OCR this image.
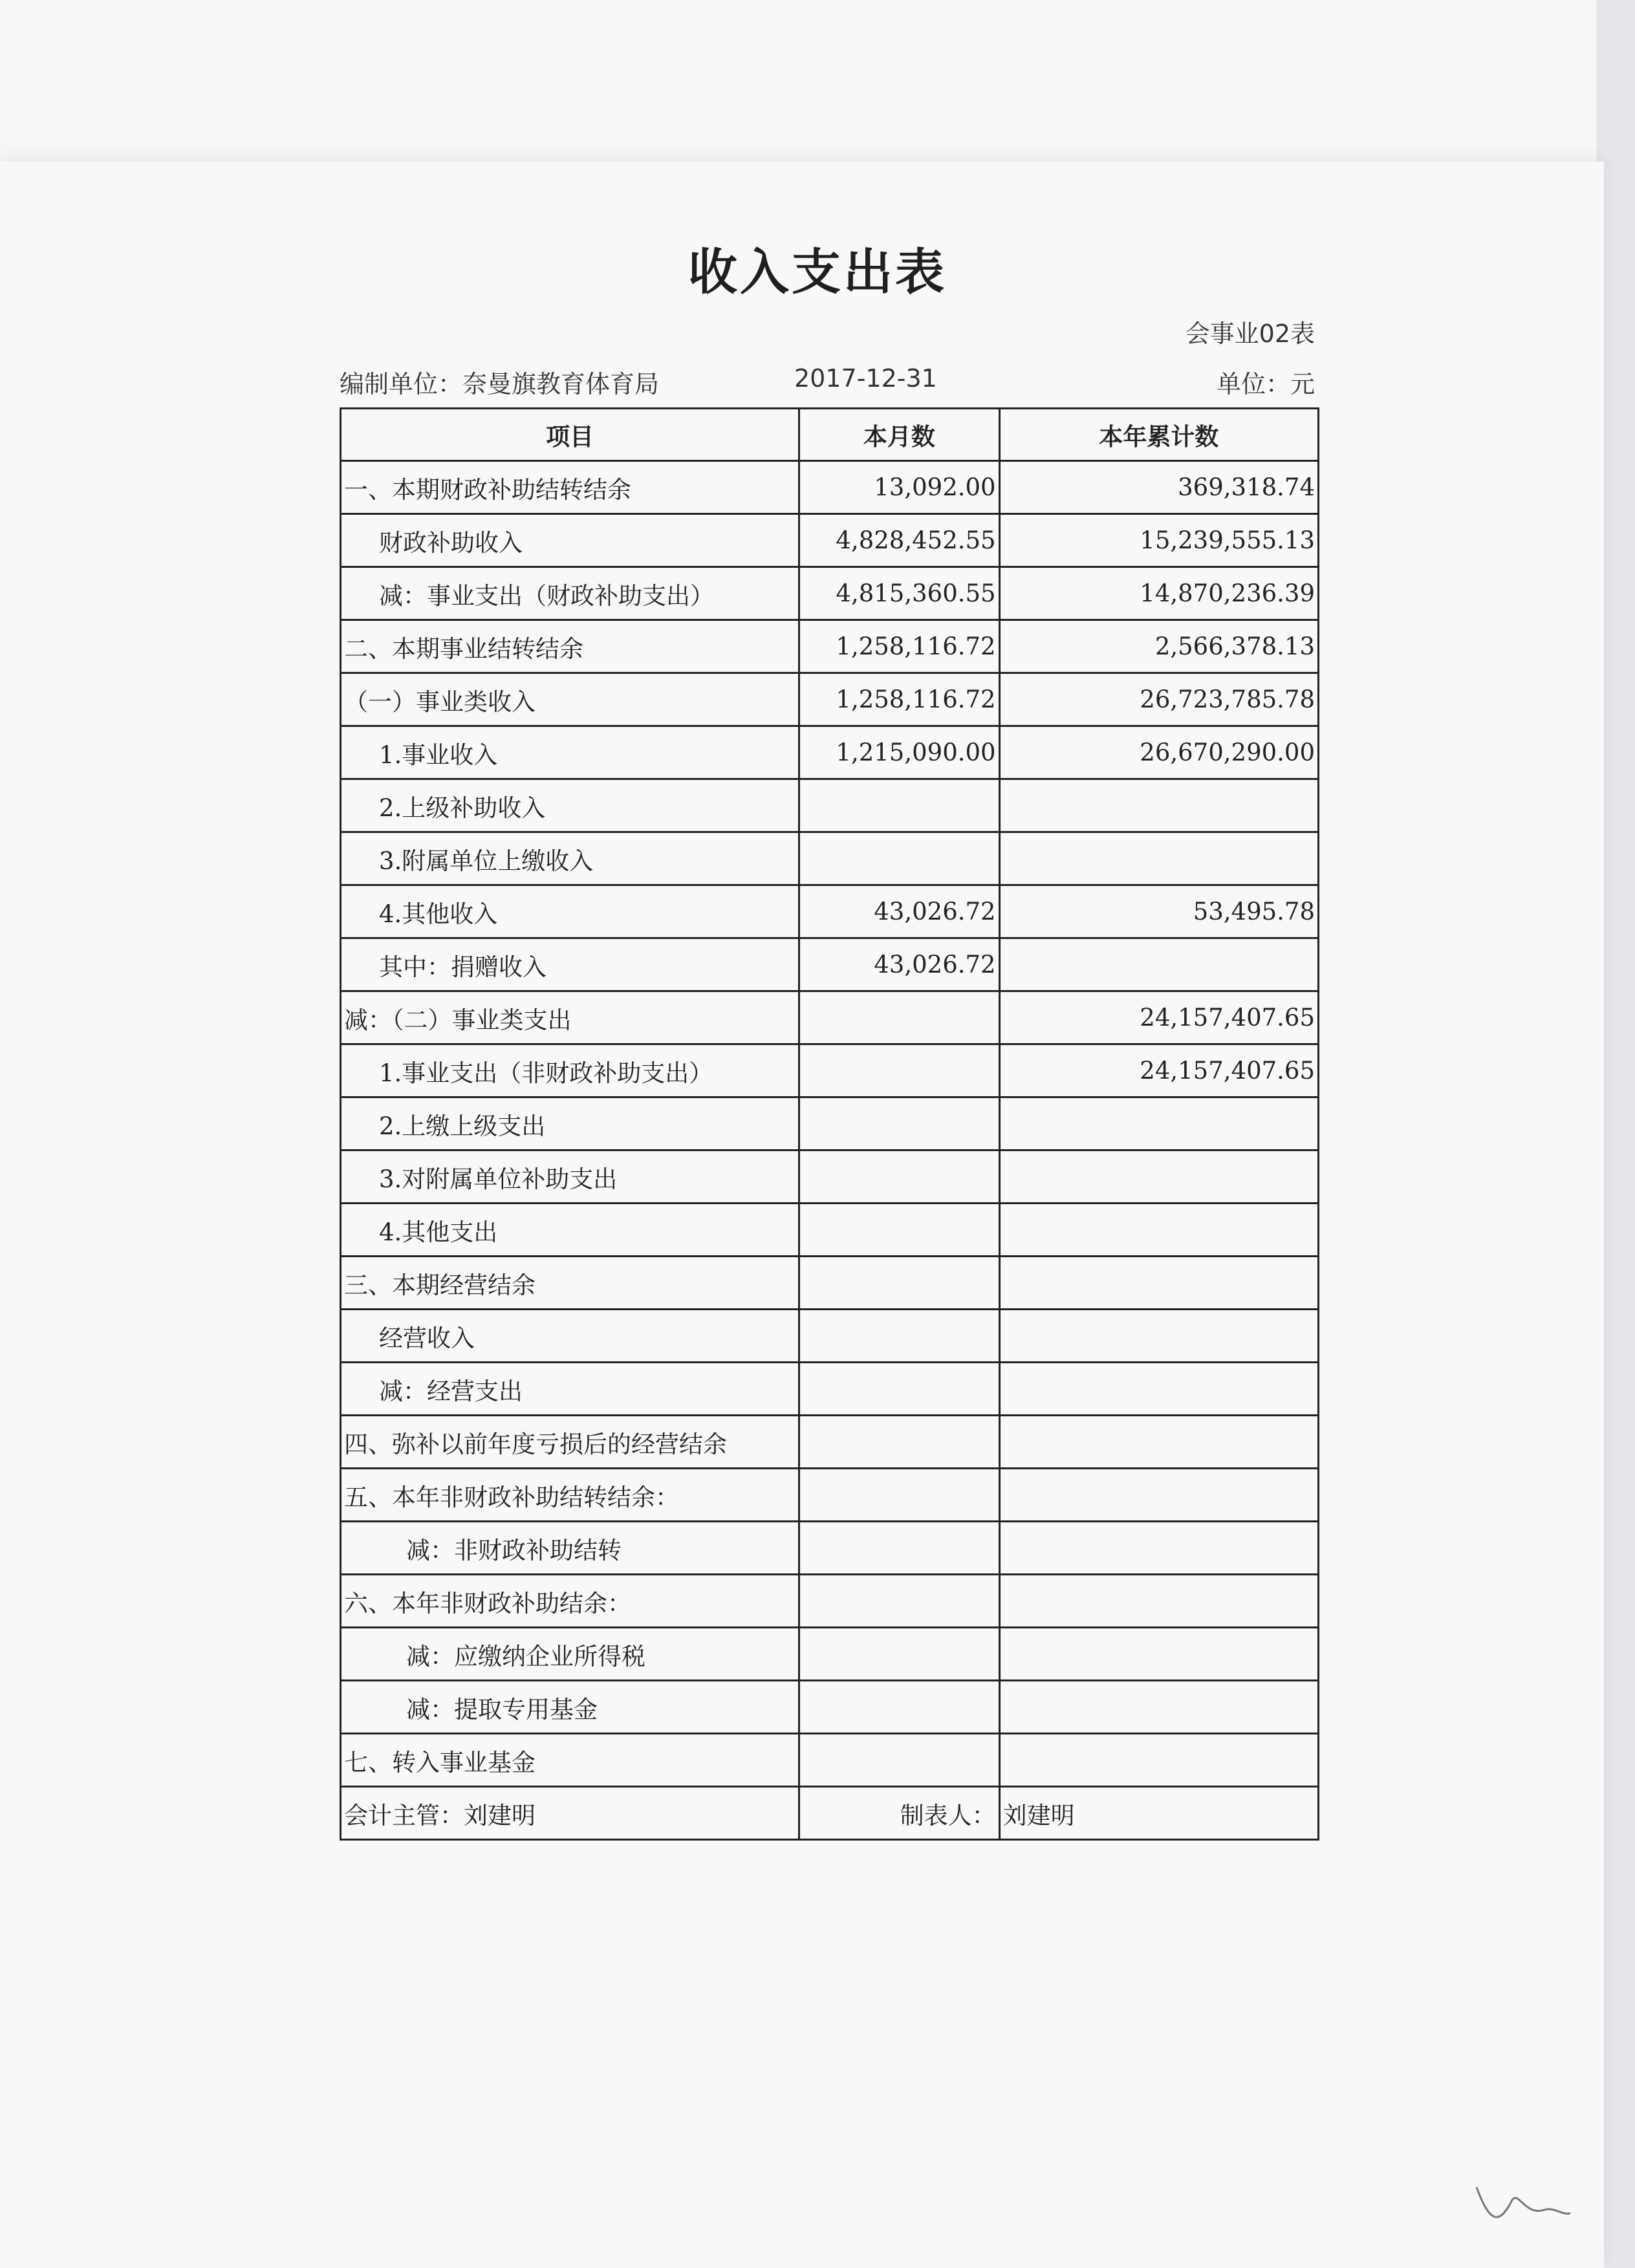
收入支出表
会事业02表
编制单位：奈曼旗教育体育局	2017-12-31	单位：元
项目	本月数	本年累计数
一、本期财政补助结转结余	13,092.00	369,318.74
财政补助收入	4,828,452.55	15,239,555.13
减：事业支出（财政补助支出）	4,815,360.55	14,870,236.39
二、本期事业结转结余	1,258,116.72	2,566,378.13
（一）事业类收入	1,258,116.72	26,723,785.78
1.事业收入	1,215,090.00	26,670,290.00
2.上级补助收入		
3.附属单位上缴收入		
4.其他收入	43,026.72	53,495.78
其中：捐赠收入	43,026.72	
减：（二）事业类支出		24,157,407.65
1.事业支出（非财政补助支出）		24,157,407.65
2.上缴上级支出		
3.对附属单位补助支出		
4.其他支出		
三、本期经营结余		
经营收入		
减：经营支出		
四、弥补以前年度亏损后的经营结余		
五、本年非财政补助结转结余：		
减：非财政补助结转		
六、本年非财政补助结余：		
减：应缴纳企业所得税		
减：提取专用基金		
七、转入事业基金		
会计主管：刘建明	制表人：	刘建明
